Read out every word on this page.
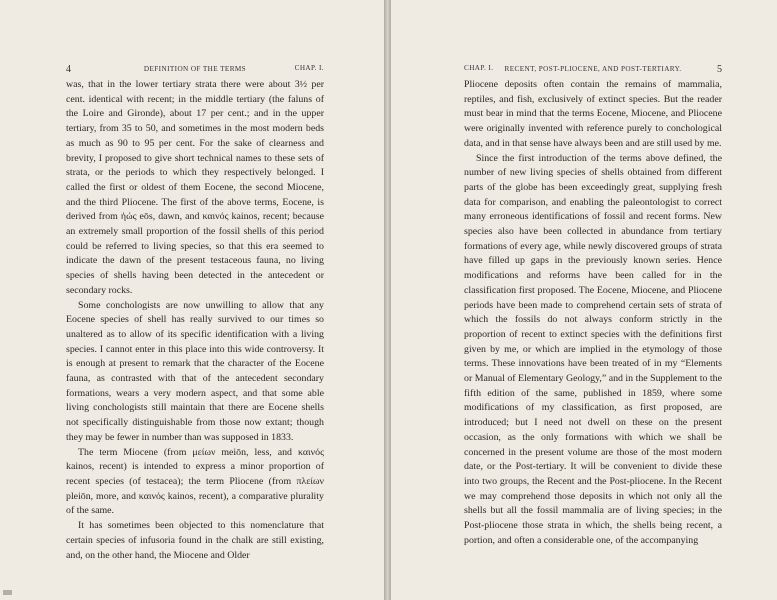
4	DEFINITION OF THE TERMS	CHAP. I.

was, that in the lower tertiary strata there were about 3½ per cent. identical with recent; in the middle tertiary (the faluns of the Loire and Gironde), about 17 per cent.; and in the upper tertiary, from 35 to 50, and sometimes in the most modern beds as much as 90 to 95 per cent. For the sake of clearness and brevity, I proposed to give short technical names to these sets of strata, or the periods to which they respectively belonged. I called the first or oldest of them Eocene, the second Miocene, and the third Pliocene. The first of the above terms, Eocene, is derived from ἠώς eōs, dawn, and καινός kainos, recent; because an extremely small proportion of the fossil shells of this period could be referred to living species, so that this era seemed to indicate the dawn of the present testaceous fauna, no living species of shells having been detected in the antecedent or secondary rocks.

Some conchologists are now unwilling to allow that any Eocene species of shell has really survived to our times so unaltered as to allow of its specific identification with a living species. I cannot enter in this place into this wide controversy. It is enough at present to remark that the character of the Eocene fauna, as contrasted with that of the antecedent secondary formations, wears a very modern aspect, and that some able living conchologists still maintain that there are Eocene shells not specifically distinguishable from those now extant; though they may be fewer in number than was supposed in 1833.

The term Miocene (from μείων meiōn, less, and καινός kainos, recent) is intended to express a minor proportion of recent species (of testacea); the term Pliocene (from πλείων pleiōn, more, and καινός kainos, recent), a comparative plurality of the same.

It has sometimes been objected to this nomenclature that certain species of infusoria found in the chalk are still existing, and, on the other hand, the Miocene and Older

CHAP. I.	RECENT, POST-PLIOCENE, AND POST-TERTIARY.	5

Pliocene deposits often contain the remains of mammalia, reptiles, and fish, exclusively of extinct species. But the reader must bear in mind that the terms Eocene, Miocene, and Pliocene were originally invented with reference purely to conchological data, and in that sense have always been and are still used by me.

Since the first introduction of the terms above defined, the number of new living species of shells obtained from different parts of the globe has been exceedingly great, supplying fresh data for comparison, and enabling the paleontologist to correct many erroneous identifications of fossil and recent forms. New species also have been collected in abundance from tertiary formations of every age, while newly discovered groups of strata have filled up gaps in the previously known series. Hence modifications and reforms have been called for in the classification first proposed. The Eocene, Miocene, and Pliocene periods have been made to comprehend certain sets of strata of which the fossils do not always conform strictly in the proportion of recent to extinct species with the definitions first given by me, or which are implied in the etymology of those terms. These innovations have been treated of in my “Elements or Manual of Elementary Geology,” and in the Supplement to the fifth edition of the same, published in 1859, where some modifications of my classification, as first proposed, are introduced; but I need not dwell on these on the present occasion, as the only formations with which we shall be concerned in the present volume are those of the most modern date, or the Post-tertiary. It will be convenient to divide these into two groups, the Recent and the Post-pliocene. In the Recent we may comprehend those deposits in which not only all the shells but all the fossil mammalia are of living species; in the Post-pliocene those strata in which, the shells being recent, a portion, and often a considerable one, of the accompanying
